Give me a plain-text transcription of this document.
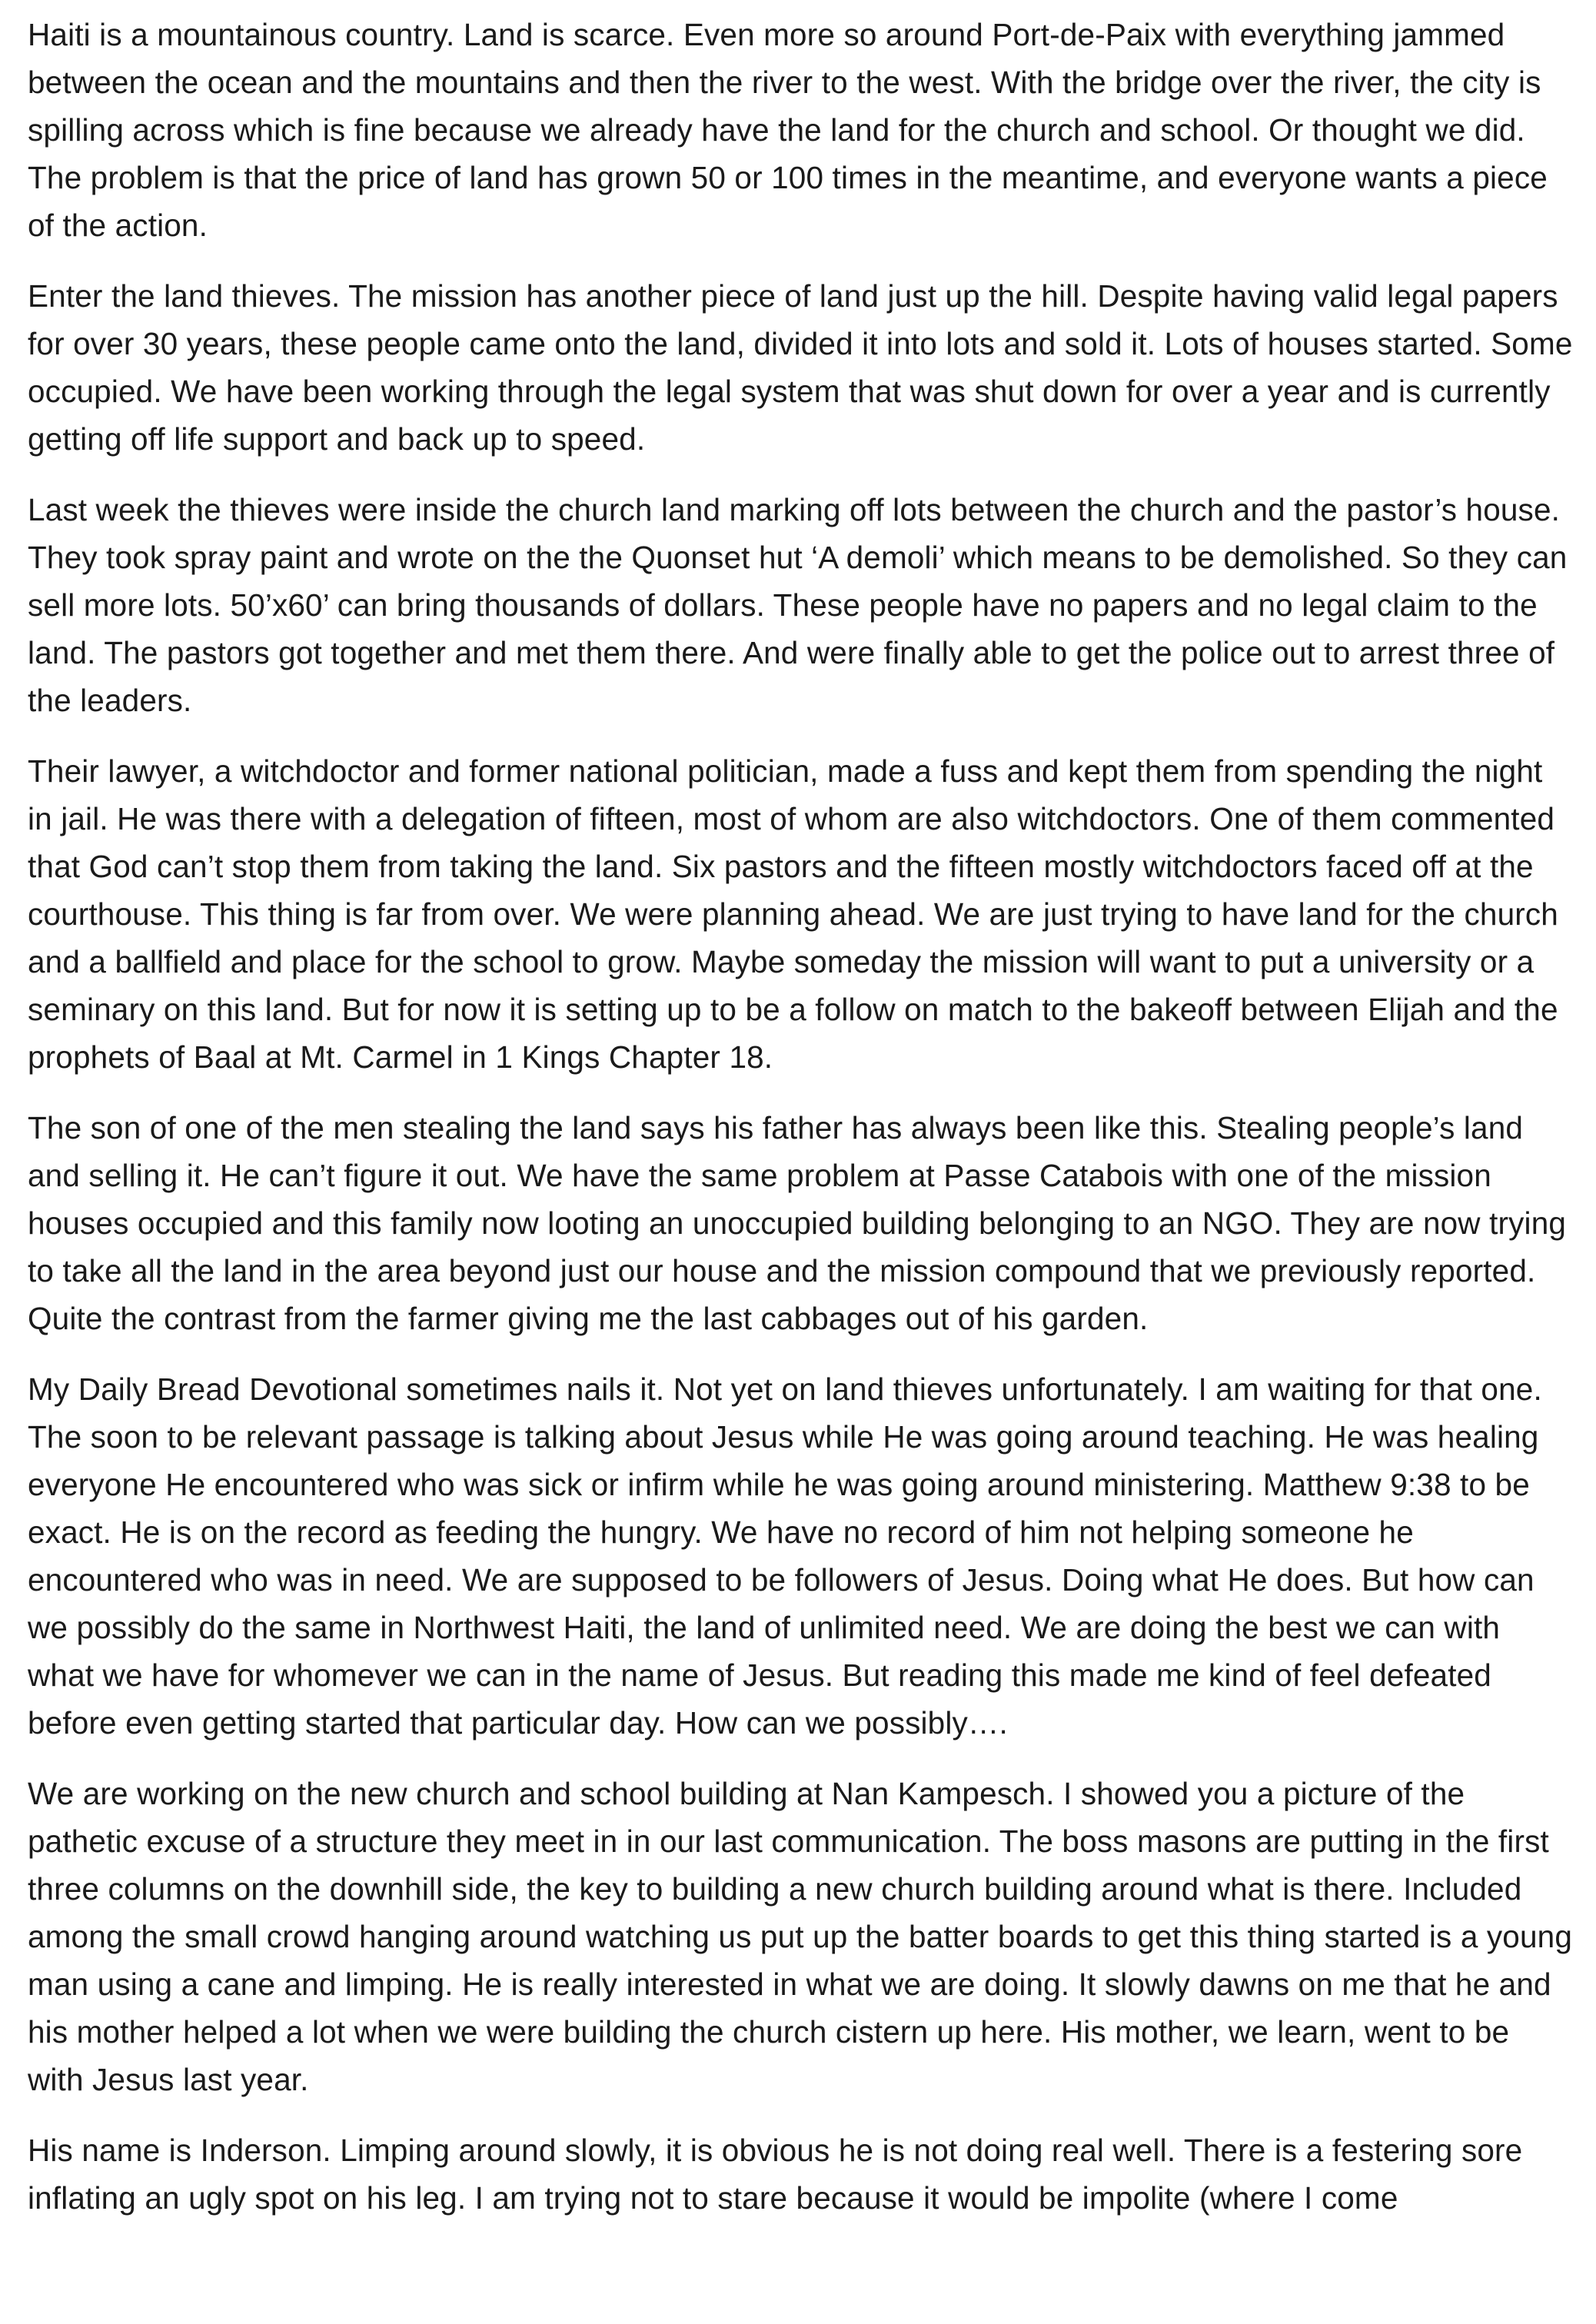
Haiti is a mountainous country. Land is scarce. Even more so around Port-de-Paix with everything jammed between the ocean and the mountains and then the river to the west. With the bridge over the river, the city is spilling across which is fine because we already have the land for the church and school. Or thought we did. The problem is that the price of land has grown 50 or 100 times in the meantime, and everyone wants a piece of the action.

Enter the land thieves. The mission has another piece of land just up the hill. Despite having valid legal papers for over 30 years, these people came onto the land, divided it into lots and sold it. Lots of houses started. Some occupied. We have been working through the legal system that was shut down for over a year and is currently getting off life support and back up to speed.

Last week the thieves were inside the church land marking off lots between the church and the pastor’s house. They took spray paint and wrote on the the Quonset hut ‘A demoli’ which means to be demolished. So they can sell more lots. 50’x60’ can bring thousands of dollars. These people have no papers and no legal claim to the land. The pastors got together and met them there. And were finally able to get the police out to arrest three of the leaders.

Their lawyer, a witchdoctor and former national politician, made a fuss and kept them from spending the night in jail. He was there with a delegation of fifteen, most of whom are also witchdoctors. One of them commented that God can’t stop them from taking the land. Six pastors and the fifteen mostly witchdoctors faced off at the courthouse. This thing is far from over. We were planning ahead. We are just trying to have land for the church and a ballfield and place for the school to grow. Maybe someday the mission will want to put a university or a seminary on this land. But for now it is setting up to be a follow on match to the bakeoff between Elijah and the prophets of Baal at Mt. Carmel in 1 Kings Chapter 18.

The son of one of the men stealing the land says his father has always been like this. Stealing people’s land and selling it. He can’t figure it out. We have the same problem at Passe Catabois with one of the mission houses occupied and this family now looting an unoccupied building belonging to an NGO. They are now trying to take all the land in the area beyond just our house and the mission compound that we previously reported. Quite the contrast from the farmer giving me the last cabbages out of his garden.

My Daily Bread Devotional sometimes nails it. Not yet on land thieves unfortunately. I am waiting for that one. The soon to be relevant passage is talking about Jesus while He was going around teaching. He was healing everyone He encountered who was sick or infirm while he was going around ministering. Matthew 9:38 to be exact. He is on the record as feeding the hungry. We have no record of him not helping someone he encountered who was in need. We are supposed to be followers of Jesus. Doing what He does. But how can we possibly do the same in Northwest Haiti, the land of unlimited need. We are doing the best we can with what we have for whomever we can in the name of Jesus. But reading this made me kind of feel defeated before even getting started that particular day. How can we possibly….

We are working on the new church and school building at Nan Kampesch. I showed you a picture of the pathetic excuse of a structure they meet in in our last communication. The boss masons are putting in the first three columns on the downhill side, the key to building a new church building around what is there. Included among the small crowd hanging around watching us put up the batter boards to get this thing started is a young man using a cane and limping. He is really interested in what we are doing. It slowly dawns on me that he and his mother helped a lot when we were building the church cistern up here. His mother, we learn, went to be with Jesus last year.

His name is Inderson. Limping around slowly, it is obvious he is not doing real well. There is a festering sore inflating an ugly spot on his leg. I am trying not to stare because it would be impolite (where I come
